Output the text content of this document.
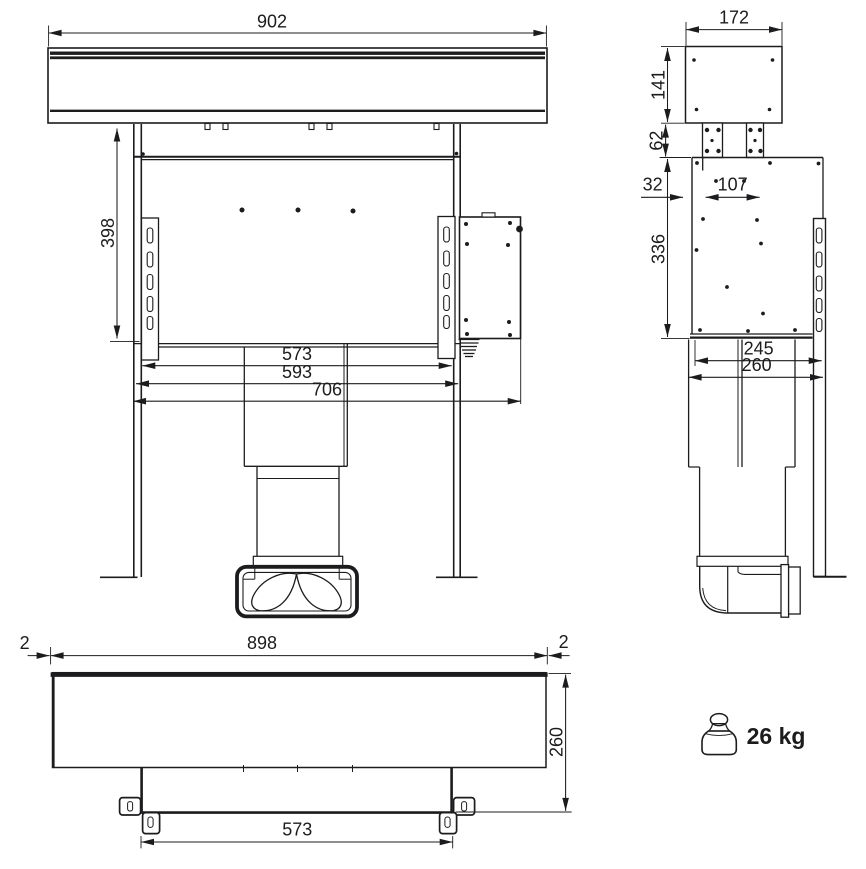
902
398
573
593
706
172
141
62
32	107
336
245
260
898
2	2
260
573
26 kg
